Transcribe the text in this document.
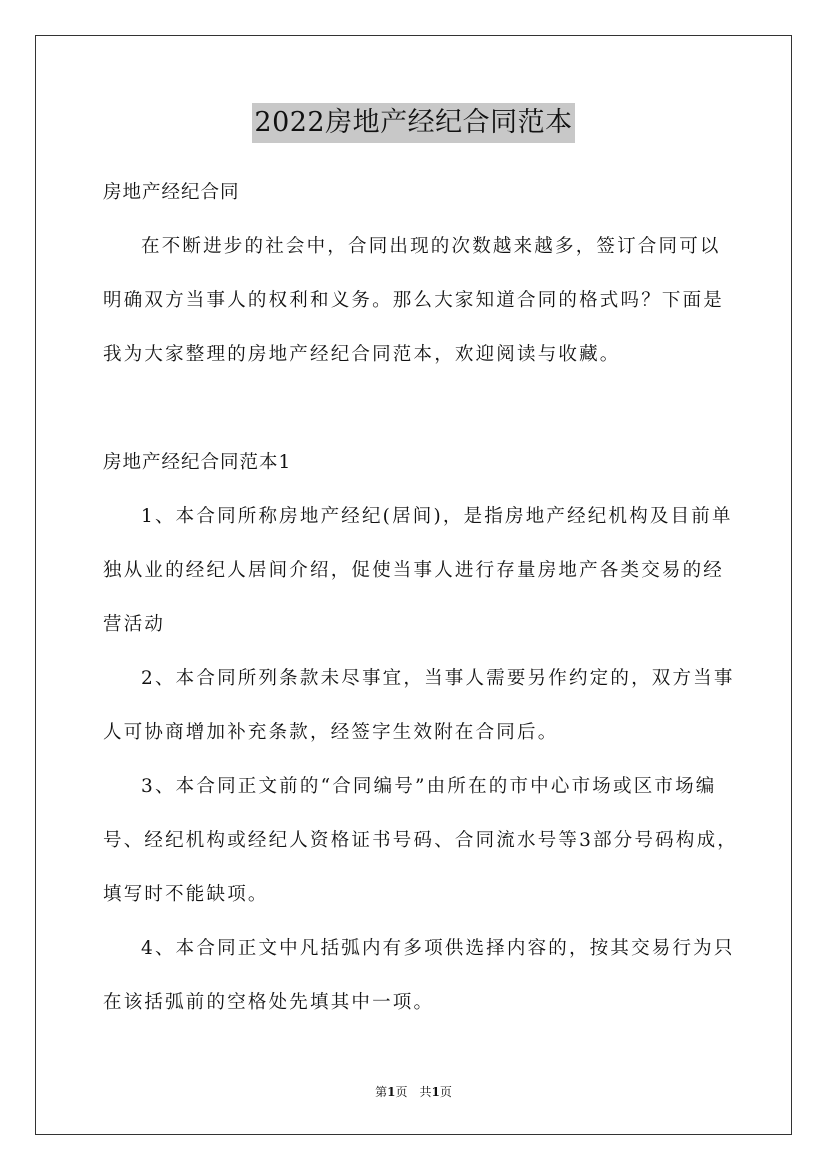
2022房地产经纪合同范本
房地产经纪合同
在不断进步的社会中，合同出现的次数越来越多，签订合同可以
明确双方当事人的权利和义务。那么大家知道合同的格式吗？下面是
我为大家整理的房地产经纪合同范本，欢迎阅读与收藏。
房地产经纪合同范本1
1、本合同所称房地产经纪(居间)，是指房地产经纪机构及目前单
独从业的经纪人居间介绍，促使当事人进行存量房地产各类交易的经
营活动
2、本合同所列条款未尽事宜，当事人需要另作约定的，双方当事
人可协商增加补充条款，经签字生效附在合同后。
3、本合同正文前的“合同编号”由所在的市中心市场或区市场编
号、经纪机构或经纪人资格证书号码、合同流水号等3部分号码构成，
填写时不能缺项。
4、本合同正文中凡括弧内有多项供选择内容的，按其交易行为只
在该括弧前的空格处先填其中一项。
第1页　共1页
